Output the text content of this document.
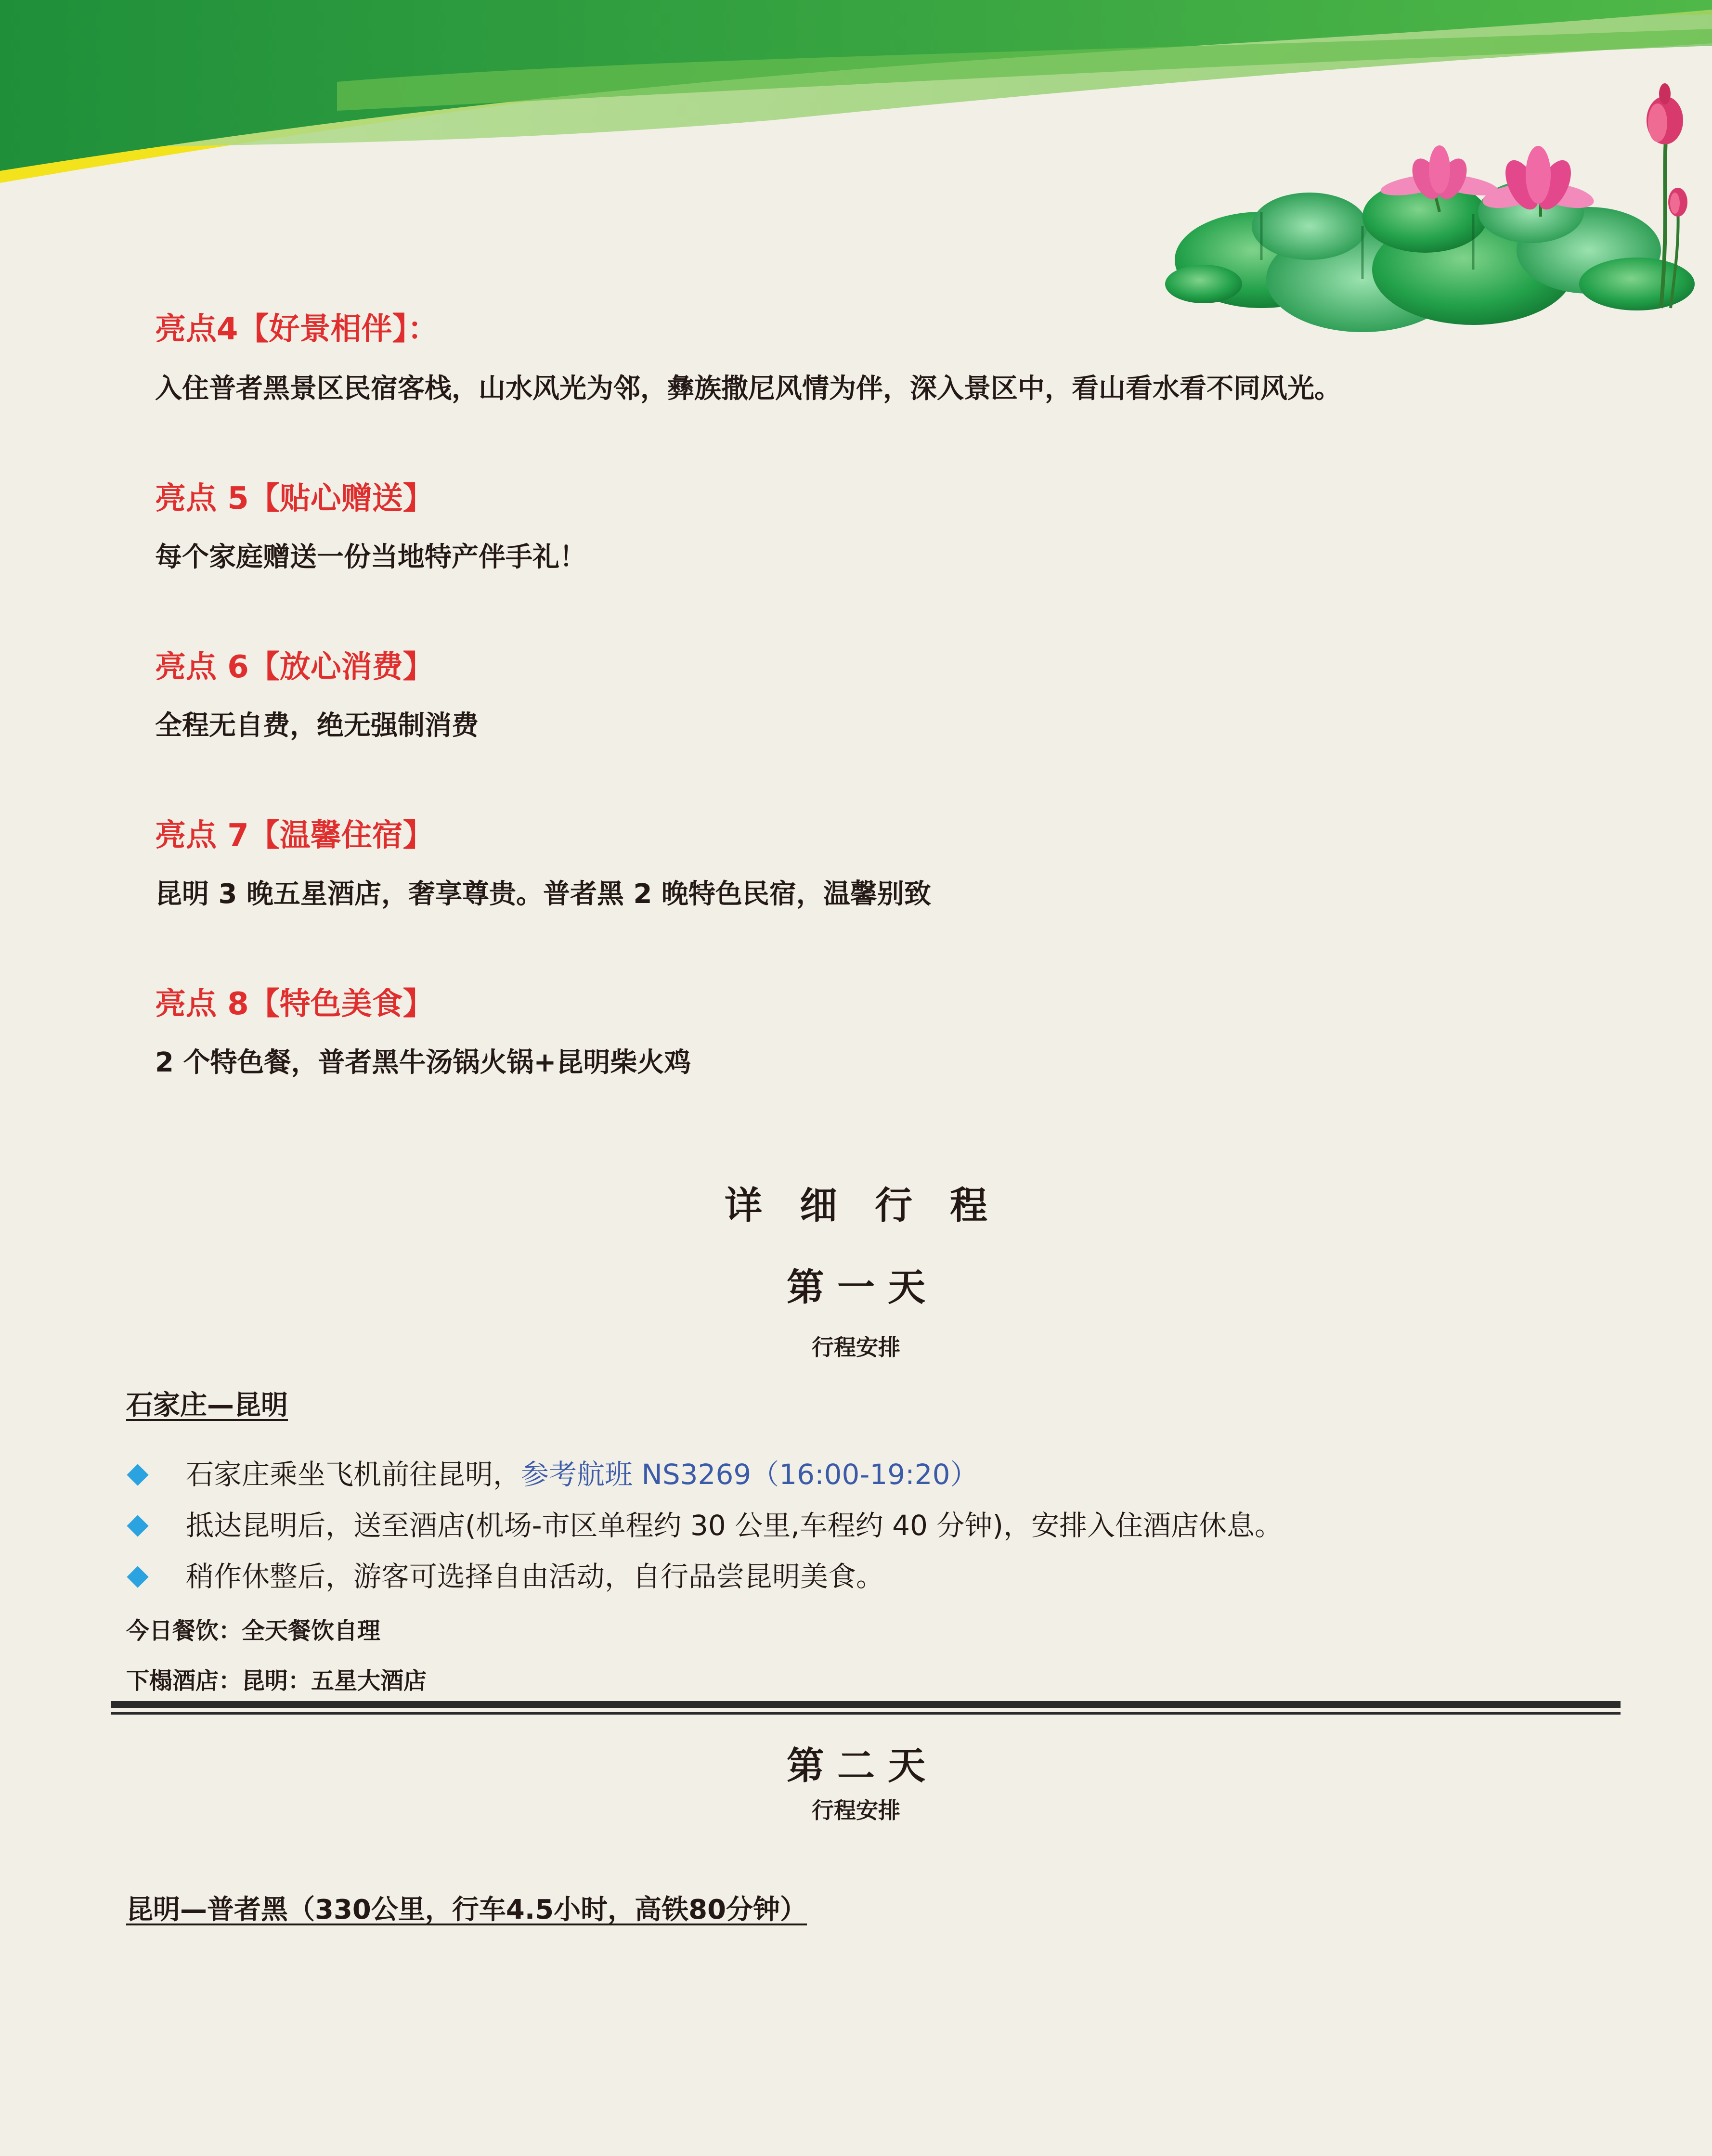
亮点4【好景相伴】：
入住普者黑景区民宿客栈，山水风光为邻，彝族撒尼风情为伴，深入景区中，看山看水看不同风光。
亮点 5【贴心赠送】
每个家庭赠送一份当地特产伴手礼！
亮点 6【放心消费】
全程无自费，绝无强制消费
亮点 7【温馨住宿】
昆明 3 晚五星酒店，奢享尊贵。普者黑 2 晚特色民宿，温馨别致
亮点 8【特色美食】
2 个特色餐，普者黑牛汤锅火锅+昆明柴火鸡
详　细　行　程
第 一 天
行程安排
石家庄—昆明
石家庄乘坐飞机前往昆明，参考航班 NS3269（16:00-19:20）
抵达昆明后，送至酒店(机场-市区单程约 30 公里,车程约 40 分钟)，安排入住酒店休息。
稍作休整后，游客可选择自由活动，自行品尝昆明美食。
今日餐饮：全天餐饮自理
下榻酒店：昆明：五星大酒店
第 二 天
行程安排
昆明—普者黑（330公里，行车4.5小时，高铁80分钟）
